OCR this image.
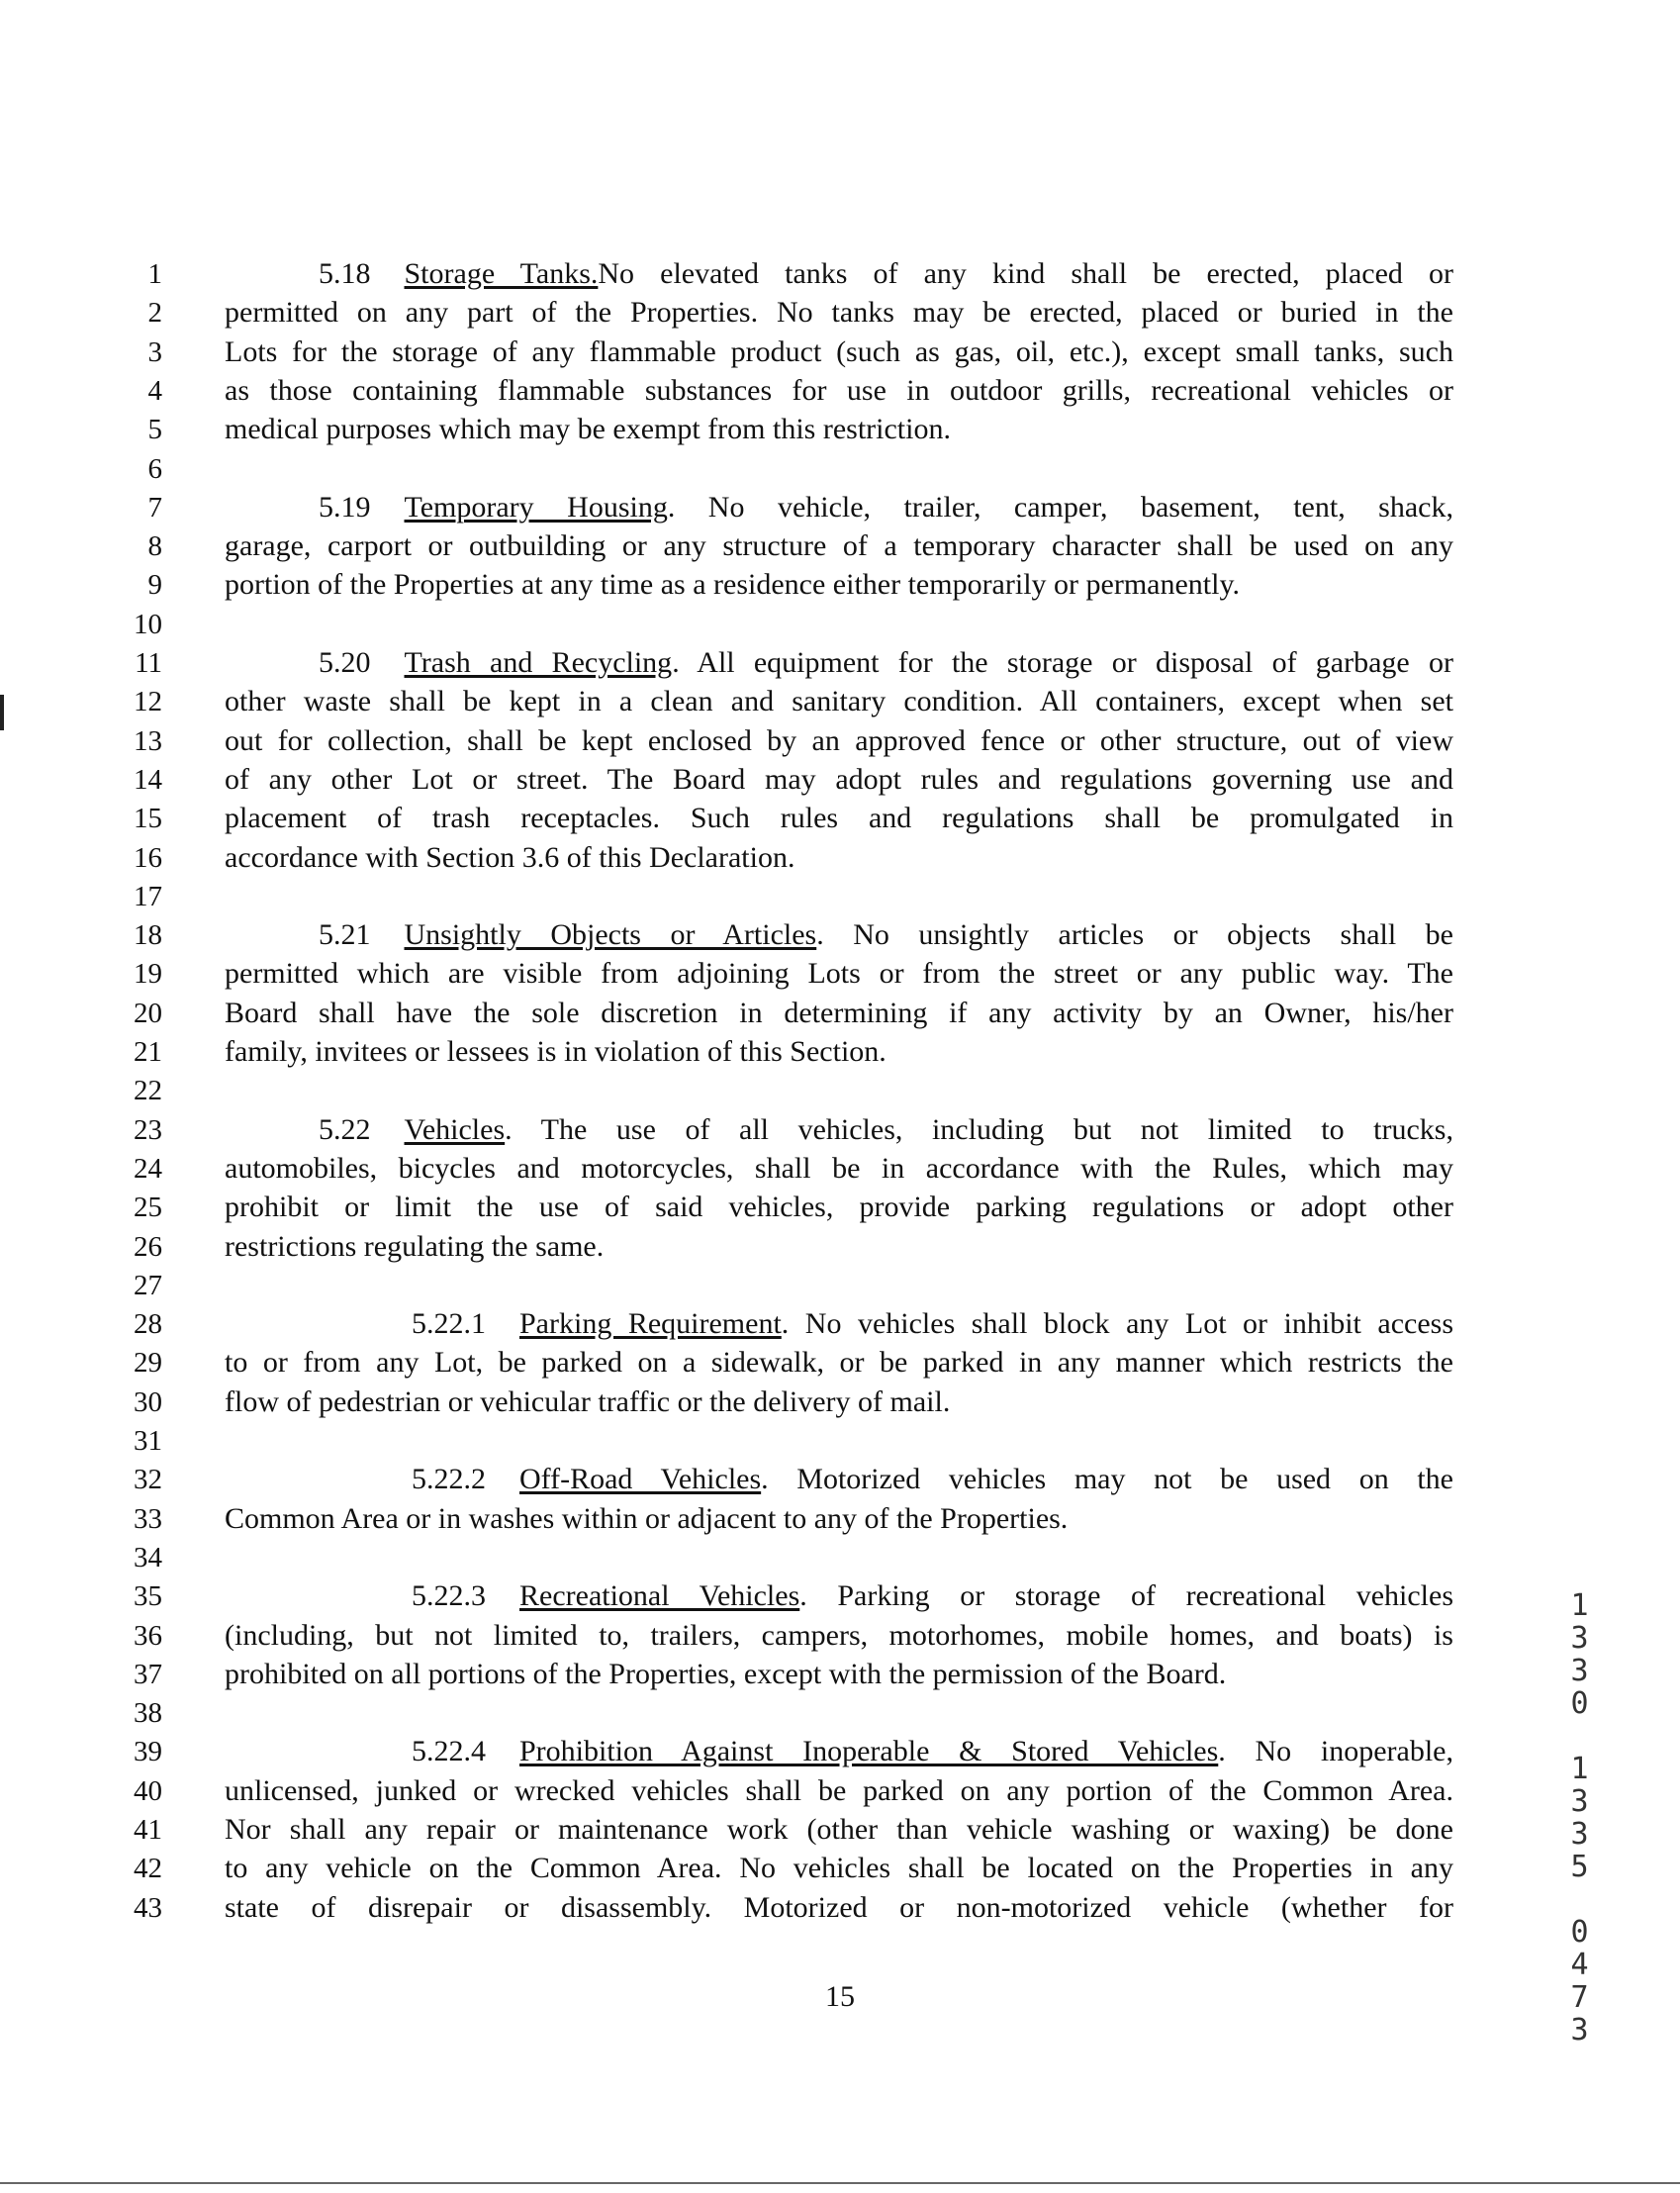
1	5.18 Storage Tanks.No elevated tanks of any kind shall be erected, placed or
2 permitted on any part of the Properties. No tanks may be erected, placed or buried in the
3 Lots for the storage of any flammable product (such as gas, oil, etc.), except small tanks, such
4 as those containing flammable substances for use in outdoor grills, recreational vehicles or
5 medical purposes which may be exempt from this restriction.
6
7	5.19 Temporary Housing. No vehicle, trailer, camper, basement, tent, shack,
8 garage, carport or outbuilding or any structure of a temporary character shall be used on any
9 portion of the Properties at any time as a residence either temporarily or permanently.
10
11	5.20 Trash and Recycling. All equipment for the storage or disposal of garbage or
12 other waste shall be kept in a clean and sanitary condition. All containers, except when set
13 out for collection, shall be kept enclosed by an approved fence or other structure, out of view
14 of any other Lot or street. The Board may adopt rules and regulations governing use and
15 placement of trash receptacles. Such rules and regulations shall be promulgated in
16 accordance with Section 3.6 of this Declaration.
17
18	5.21 Unsightly Objects or Articles. No unsightly articles or objects shall be
19 permitted which are visible from adjoining Lots or from the street or any public way. The
20 Board shall have the sole discretion in determining if any activity by an Owner, his/her
21 family, invitees or lessees is in violation of this Section.
22
23	5.22 Vehicles. The use of all vehicles, including but not limited to trucks,
24 automobiles, bicycles and motorcycles, shall be in accordance with the Rules, which may
25 prohibit or limit the use of said vehicles, provide parking regulations or adopt other
26 restrictions regulating the same.
27
28	5.22.1 Parking Requirement. No vehicles shall block any Lot or inhibit access
29 to or from any Lot, be parked on a sidewalk, or be parked in any manner which restricts the
30 flow of pedestrian or vehicular traffic or the delivery of mail.
31
32	5.22.2 Off-Road Vehicles. Motorized vehicles may not be used on the
33 Common Area or in washes within or adjacent to any of the Properties.
34
35	5.22.3 Recreational Vehicles. Parking or storage of recreational vehicles
36 (including, but not limited to, trailers, campers, motorhomes, mobile homes, and boats) is
37 prohibited on all portions of the Properties, except with the permission of the Board.
38
39	5.22.4 Prohibition Against Inoperable & Stored Vehicles. No inoperable,
40 unlicensed, junked or wrecked vehicles shall be parked on any portion of the Common Area.
41 Nor shall any repair or maintenance work (other than vehicle washing or waxing) be done
42 to any vehicle on the Common Area. No vehicles shall be located on the Properties in any
43 state of disrepair or disassembly. Motorized or non-motorized vehicle (whether for
15	1330 1335 0473
